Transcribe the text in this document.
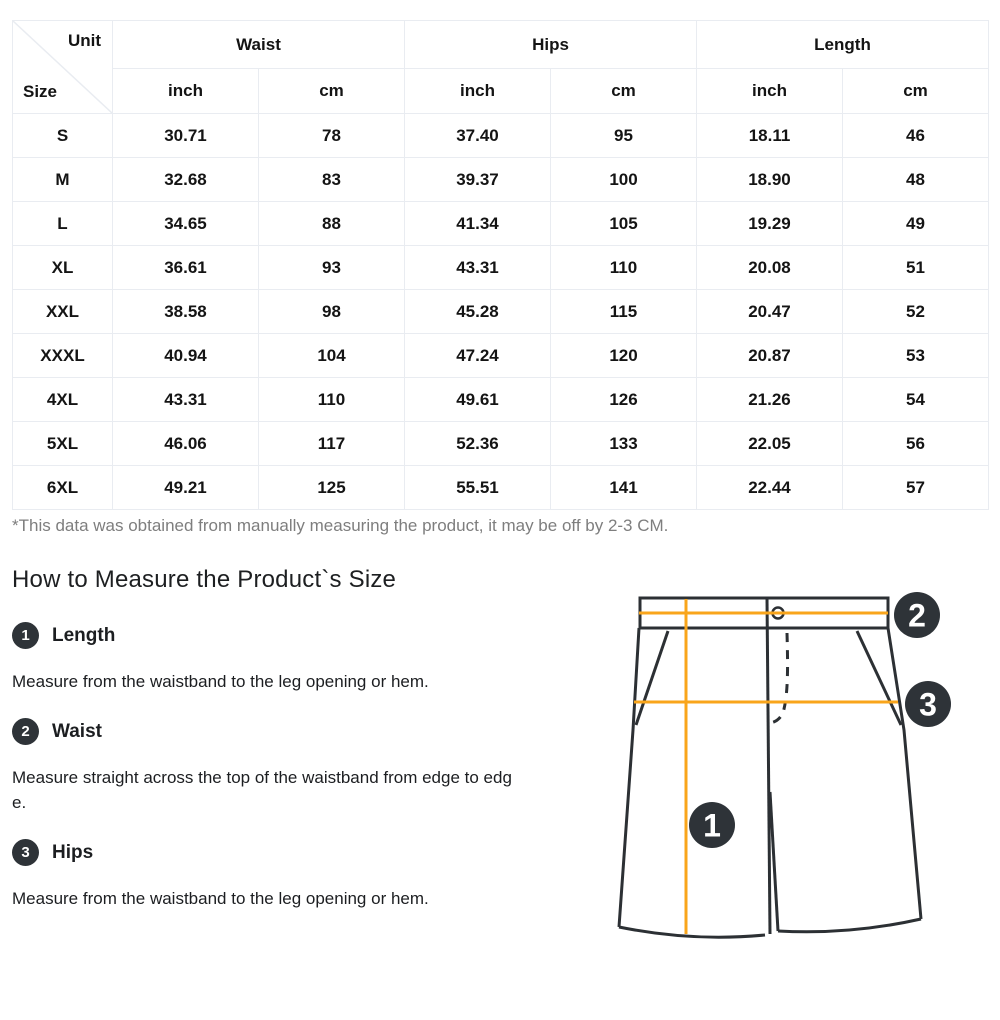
Unit
Size	Waist		Hips		Length	
	inch	cm	inch	cm	inch	cm
S	30.71	78	37.40	95	18.11	46
M	32.68	83	39.37	100	18.90	48
L	34.65	88	41.34	105	19.29	49
XL	36.61	93	43.31	110	20.08	51
XXL	38.58	98	45.28	115	20.47	52
XXXL	40.94	104	47.24	120	20.87	53
4XL	43.31	110	49.61	126	21.26	54
5XL	46.06	117	52.36	133	22.05	56
6XL	49.21	125	55.51	141	22.44	57

*This data was obtained from manually measuring the product, it may be off by 2-3 CM.

How to Measure the Product`s Size
1	Length

Measure from the waistband to the leg opening or hem.

2	Waist

Measure straight across the top of the waistband from edge to edge.

3	Hips

Measure from the waistband to the leg opening or hem.

2
3
1
